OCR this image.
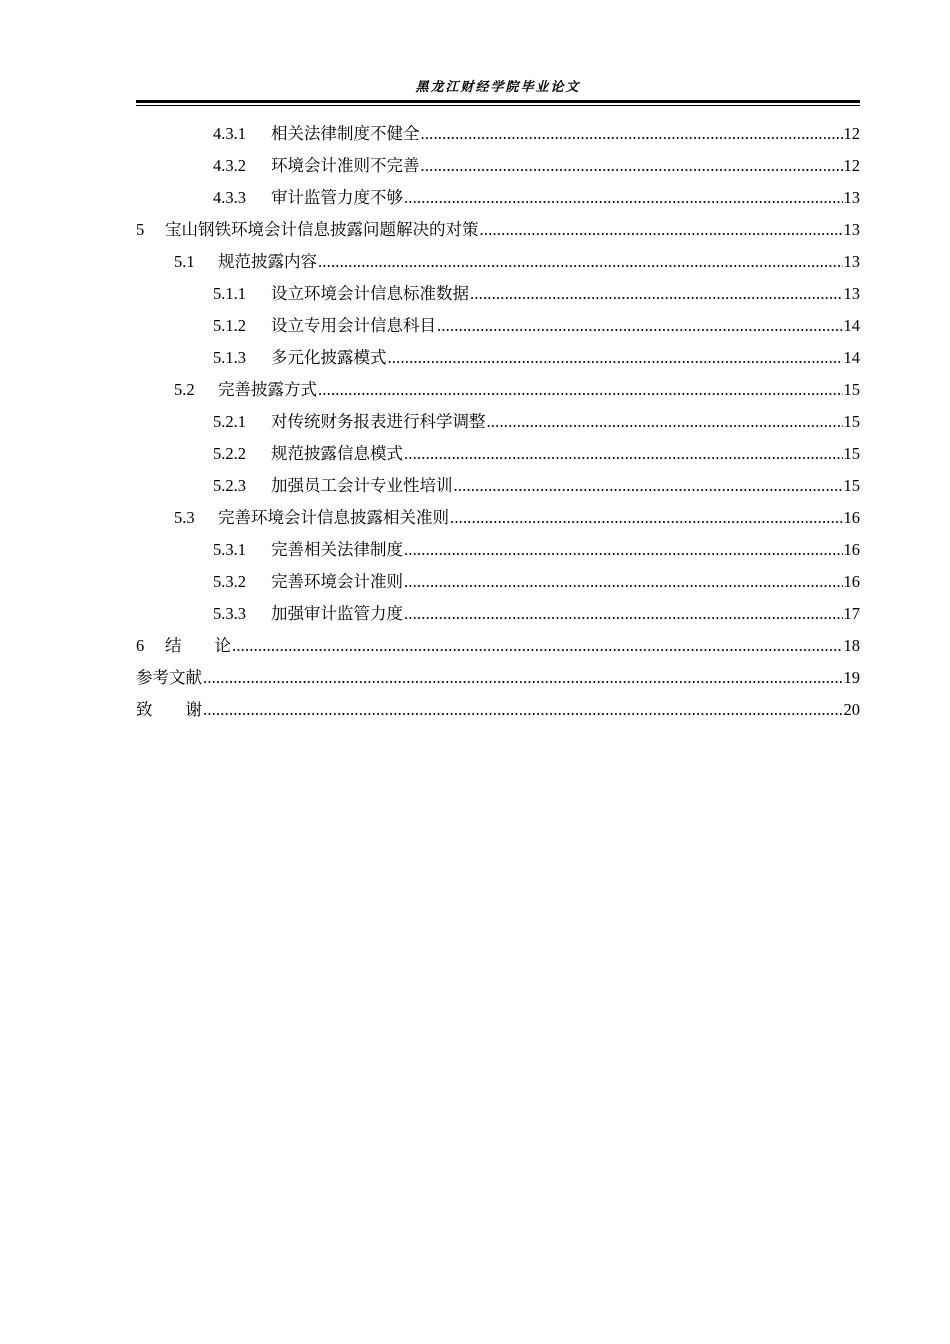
黑龙江财经学院毕业论文
4.3.1	相关法律制度不健全 .....	12
4.3.2	环境会计准则不完善 .....	12
4.3.3	审计监管力度不够 .....	13
5	宝山钢铁环境会计信息披露问题解决的对策 .....	13
5.1	规范披露内容 .....	13
5.1.1	设立环境会计信息标准数据 .....	13
5.1.2	设立专用会计信息科目 .....	14
5.1.3	多元化披露模式 .....	14
5.2	完善披露方式 .....	15
5.2.1	对传统财务报表进行科学调整 .....	15
5.2.2	规范披露信息模式 .....	15
5.2.3	加强员工会计专业性培训 .....	15
5.3	完善环境会计信息披露相关准则 .....	16
5.3.1	完善相关法律制度 .....	16
5.3.2	完善环境会计准则 .....	16
5.3.3	加强审计监管力度 .....	17
6	结　　论 .....	18
参考文献 .....	19
致　　谢 .....	20
